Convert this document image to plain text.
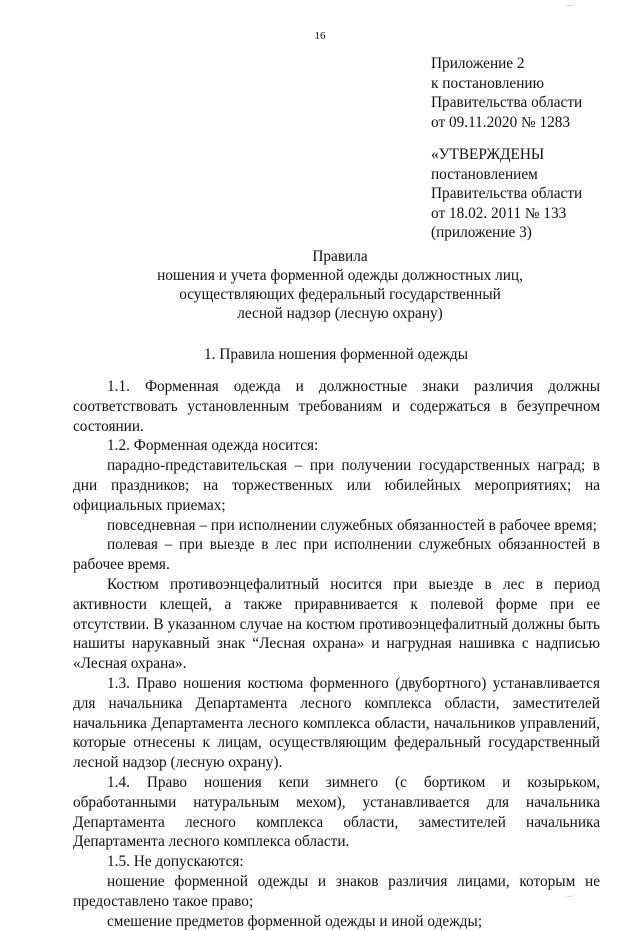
.....·
16
Приложение 2
к постановлению
Правительства области
от 09.11.2020 № 1283
«УТВЕРЖДЕНЫ
постановлением
Правительства области
от 18.02. 2011 № 133
(приложение 3)
Правила
ношения и учета форменной одежды должностных лиц,
осуществляющих федеральный государственный
лесной надзор (лесную охрану)
1. Правила ношения форменной одежды

1.1. Форменная одежда и должностные знаки различия должны соответствовать установленным требованиям и содержаться в безупречном состоянии.

1.2. Форменная одежда носится:

парадно-представительская – при получении государственных наград; в дни праздников; на торжественных или юбилейных мероприятиях; на официальных приемах;

повседневная – при исполнении служебных обязанностей в рабочее время;

полевая – при выезде в лес при исполнении служебных обязанностей в рабочее время.

Костюм противоэнцефалитный носится при выезде в лес в период активности клещей, а также приравнивается к полевой форме при ее отсутствии. В указанном случае на костюм противоэнцефалитный должны быть нашиты нарукавный знак “Лесная охрана» и нагрудная нашивка с надписью «Лесная охрана».

1.3. Право ношения костюма форменного (двубортного) устанавливается для начальника Департамента лесного комплекса области, заместителей начальника Департамента лесного комплекса области, начальников управлений, которые отнесены к лицам, осуществляющим федеральный государственный лесной надзор (лесную охрану).

1.4. Право ношения кепи зимнего (с бортиком и козырьком, обработанными натуральным мехом), устанавливается для начальника Департамента лесного комплекса области, заместителей начальника Департамента лесного комплекса области.

1.5. Не допускаются:

ношение форменной одежды и знаков различия лицами, которым не предоставлено такое право;

смешение предметов форменной одежды и иной одежды;

.....·
